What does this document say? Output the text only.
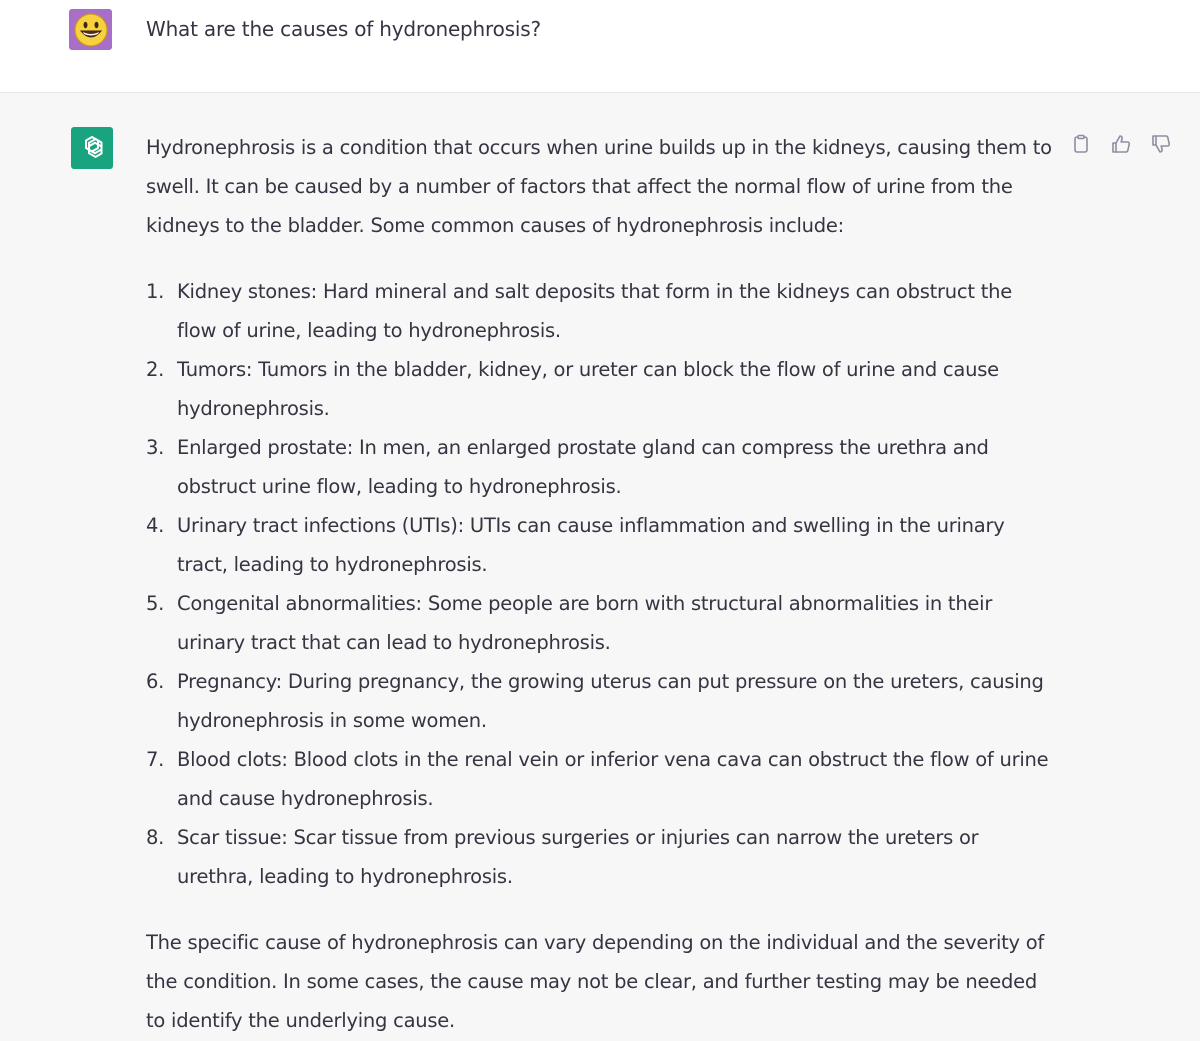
What are the causes of hydronephrosis?

Hydronephrosis is a condition that occurs when urine builds up in the kidneys, causing them to swell. It can be caused by a number of factors that affect the normal flow of urine from the kidneys to the bladder. Some common causes of hydronephrosis include:

1. Kidney stones: Hard mineral and salt deposits that form in the kidneys can obstruct the flow of urine, leading to hydronephrosis.
2. Tumors: Tumors in the bladder, kidney, or ureter can block the flow of urine and cause hydronephrosis.
3. Enlarged prostate: In men, an enlarged prostate gland can compress the urethra and obstruct urine flow, leading to hydronephrosis.
4. Urinary tract infections (UTIs): UTIs can cause inflammation and swelling in the urinary tract, leading to hydronephrosis.
5. Congenital abnormalities: Some people are born with structural abnormalities in their urinary tract that can lead to hydronephrosis.
6. Pregnancy: During pregnancy, the growing uterus can put pressure on the ureters, causing hydronephrosis in some women.
7. Blood clots: Blood clots in the renal vein or inferior vena cava can obstruct the flow of urine and cause hydronephrosis.
8. Scar tissue: Scar tissue from previous surgeries or injuries can narrow the ureters or urethra, leading to hydronephrosis.

The specific cause of hydronephrosis can vary depending on the individual and the severity of the condition. In some cases, the cause may not be clear, and further testing may be needed to identify the underlying cause.
